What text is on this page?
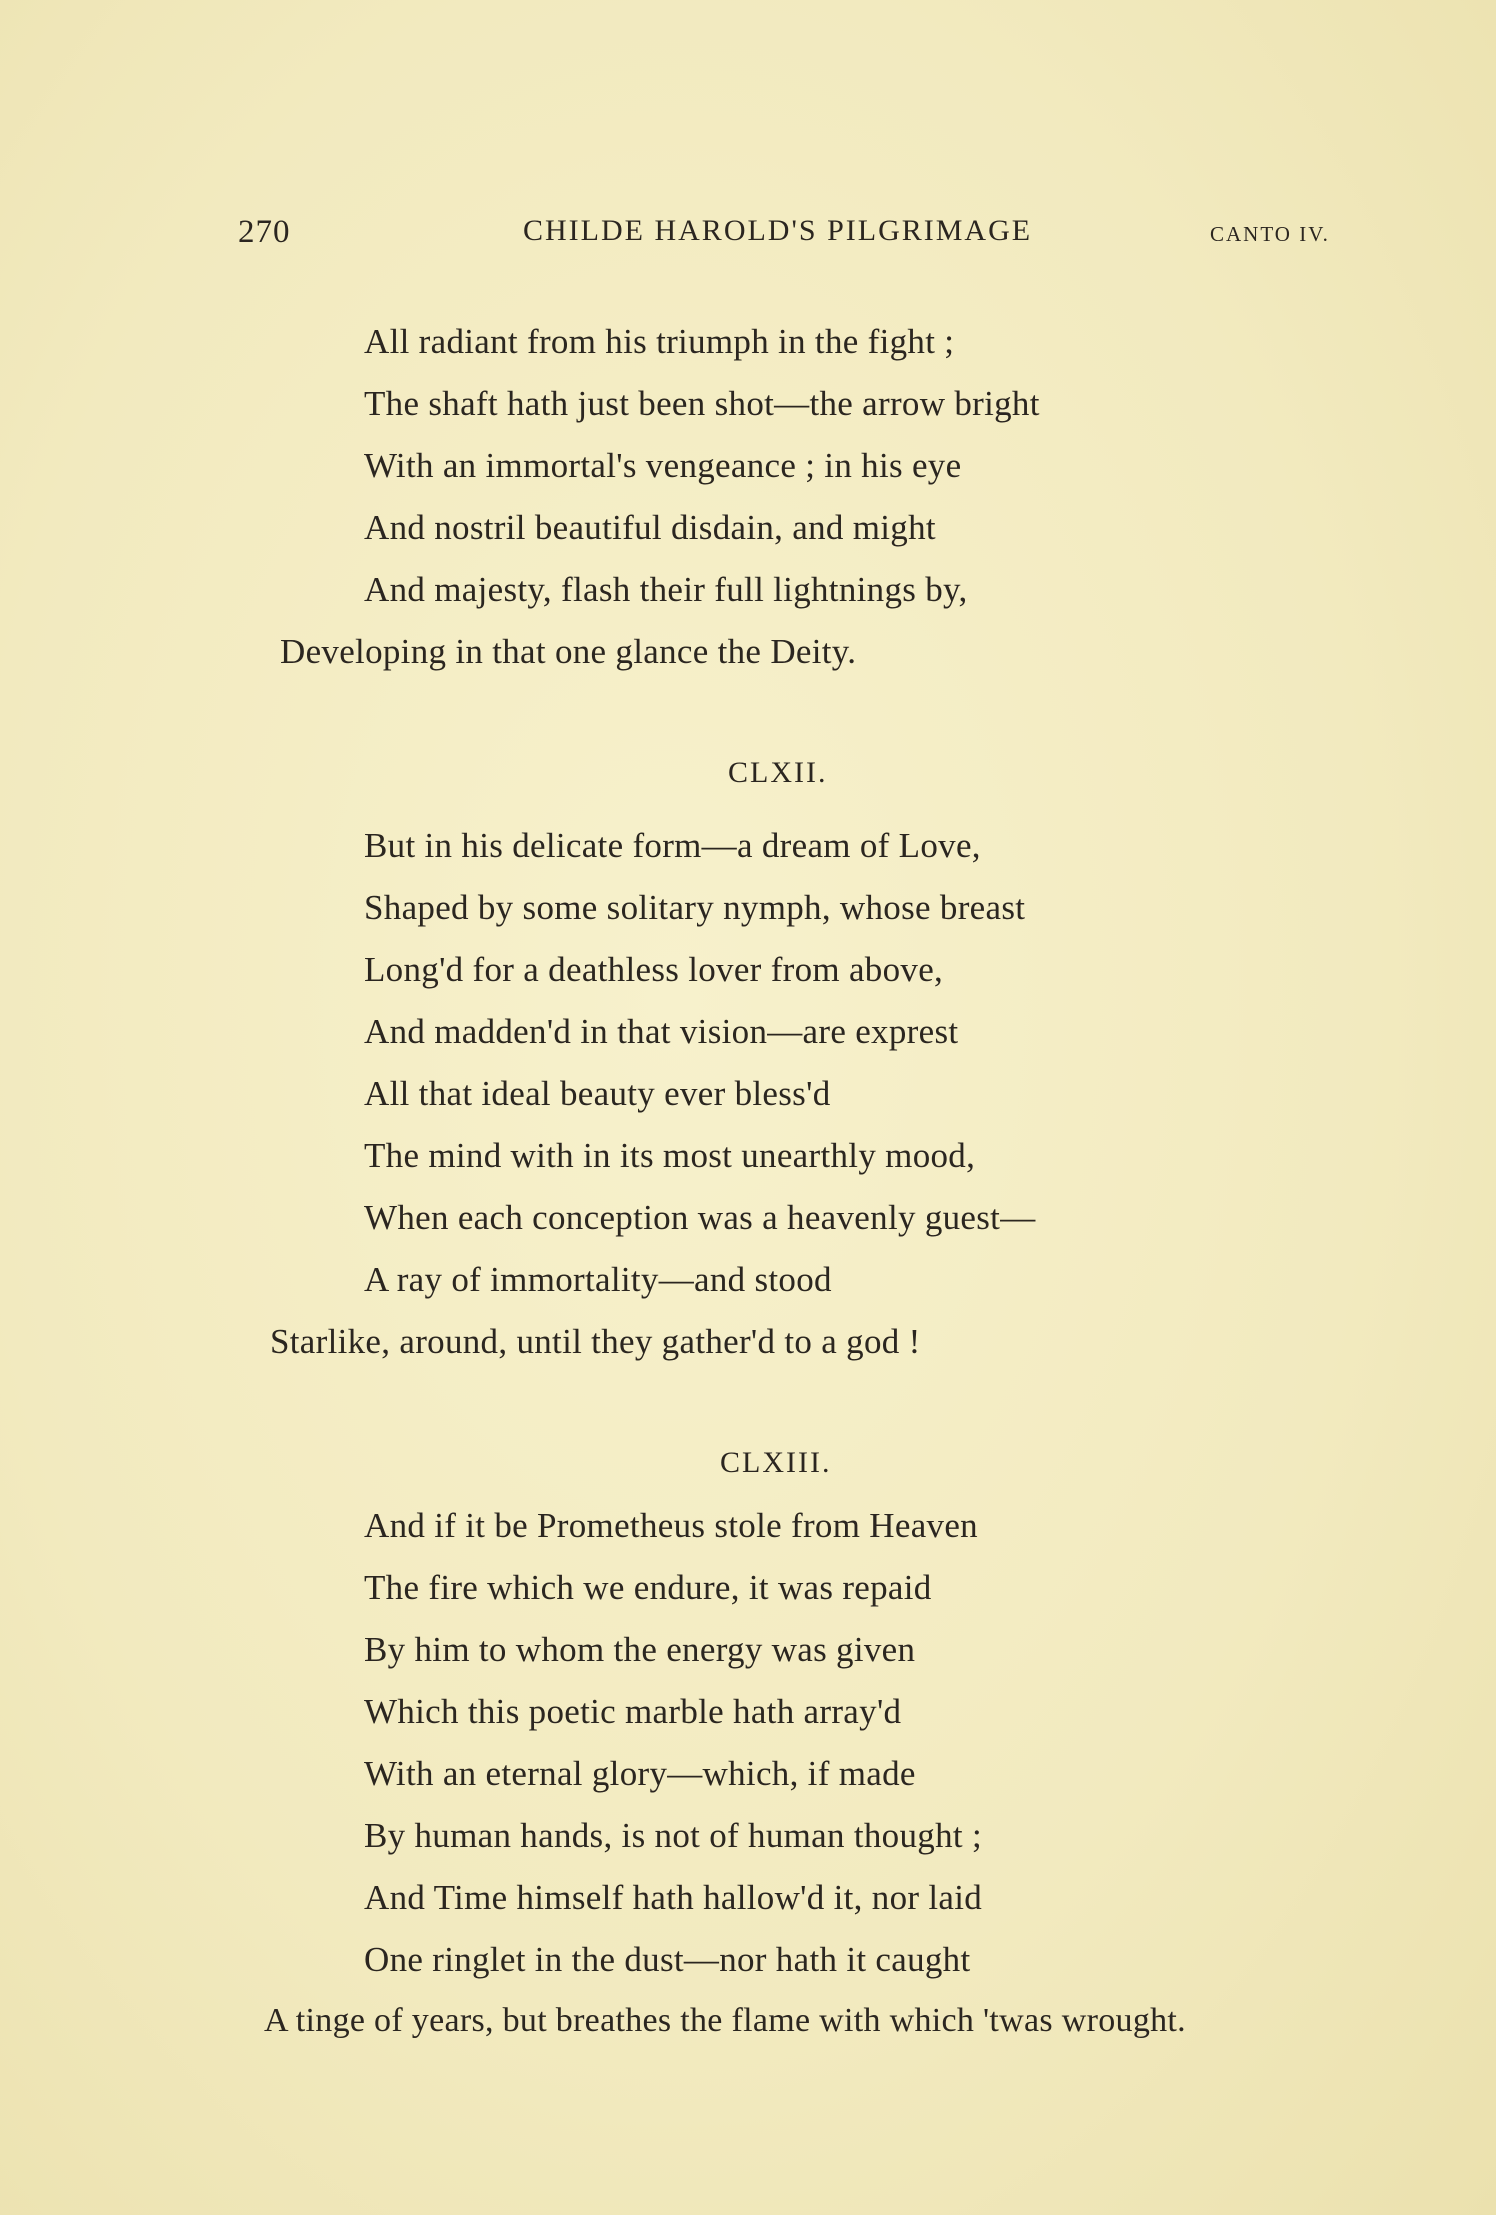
270	CHILDE HAROLD'S PILGRIMAGE	CANTO IV.
All radiant from his triumph in the fight ;
The shaft hath just been shot—the arrow bright
With an immortal's vengeance ; in his eye
And nostril beautiful disdain, and might
And majesty, flash their full lightnings by,
Developing in that one glance the Deity.
CLXII.
But in his delicate form—a dream of Love,
Shaped by some solitary nymph, whose breast
Long'd for a deathless lover from above,
And madden'd in that vision—are exprest
All that ideal beauty ever bless'd
The mind with in its most unearthly mood,
When each conception was a heavenly guest—
A ray of immortality—and stood
Starlike, around, until they gather'd to a god !
CLXIII.
And if it be Prometheus stole from Heaven
The fire which we endure, it was repaid
By him to whom the energy was given
Which this poetic marble hath array'd
With an eternal glory—which, if made
By human hands, is not of human thought ;
And Time himself hath hallow'd it, nor laid
One ringlet in the dust—nor hath it caught
A tinge of years, but breathes the flame with which 'twas wrought.
